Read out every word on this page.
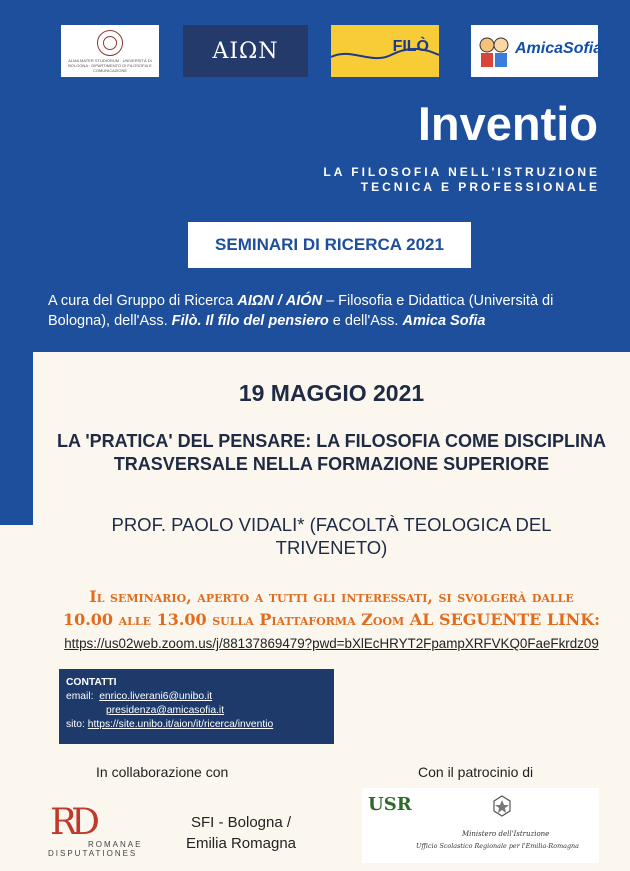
ALMA MATER STUDIORUM · UNIVERSITÀ DI BOLOGNA · DIPARTIMENTO DI FILOSOFIA E COMUNICAZIONE
ΑΙΩΝ	FILÒ	AmicaSofia
Inventio
LA FILOSOFIA NELL'ISTRUZIONE
TECNICA E PROFESSIONALE
SEMINARI DI RICERCA 2021
A cura del Gruppo di Ricerca ΑΙΩΝ / AIÓN – Filosofia e Didattica (Università di Bologna), dell'Ass. Filò. Il filo del pensiero e dell'Ass. Amica Sofia
19 MAGGIO 2021
LA 'PRATICA' DEL PENSARE: LA FILOSOFIA COME DISCIPLINA TRASVERSALE NELLA FORMAZIONE SUPERIORE
PROF. PAOLO VIDALI* (FACOLTÀ TEOLOGICA DEL TRIVENETO)
Il seminario, aperto a tutti gli interessati, si svolgerà dalle
10.00 alle 13.00 sulla Piattaforma Zoom AL SEGUENTE LINK:
https://us02web.zoom.us/j/88137869479?pwd=bXlEcHRYT2FpampXRFVKQ0FaeFkrdz09
CONTATTI
email: enrico.liverani6@unibo.it
presidenza@amicasofia.it
sito: https://site.unibo.it/aion/it/ricerca/inventio
In collaborazione con	Con il patrocinio di
RD
ROMANAE
DISPUTATIONES
SFI - Bologna / Emilia Romagna
USR
Ministero dell'Istruzione
Ufficio Scolastico Regionale per l'Emilia-Romagna
